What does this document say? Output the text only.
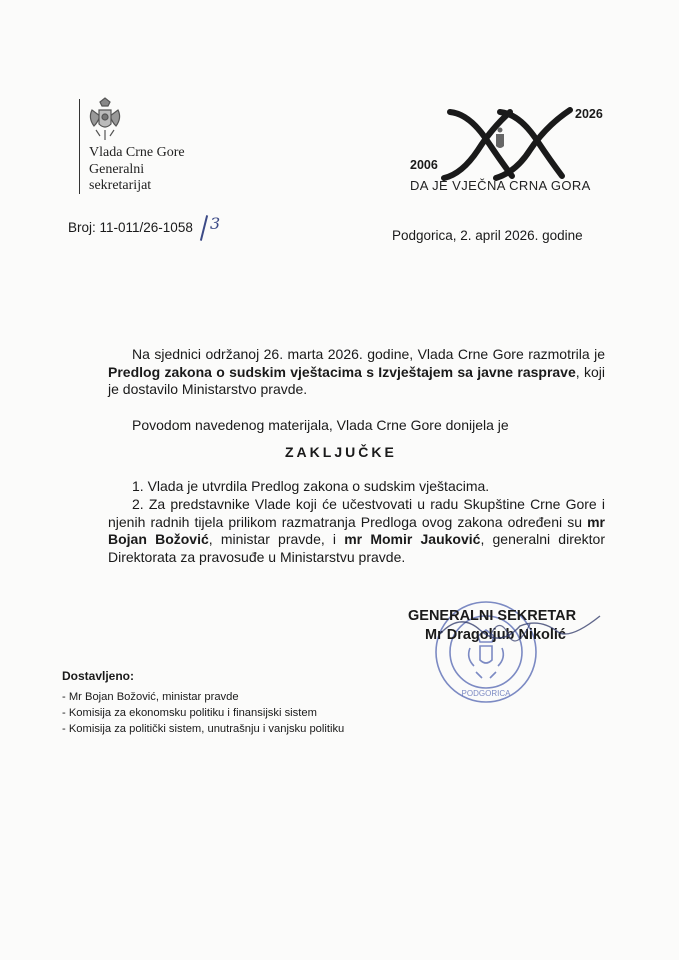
Vlada Crne Gore
Generalni
sekretarijat
2026
2006
DA JE VJEČNA CRNA GORA
Broj: 11-011/26-1058 3
Podgorica, 2. april 2026. godine
Na sjednici održanoj 26. marta 2026. godine, Vlada Crne Gore razmotrila je Predlog zakona o sudskim vještacima s Izvještajem sa javne rasprave, koji je dostavilo Ministarstvo pravde.
Povodom navedenog materijala, Vlada Crne Gore donijela je
ZAKLJUČKE
1. Vlada je utvrdila Predlog zakona o sudskim vještacima.
2. Za predstavnike Vlade koji će učestvovati u radu Skupštine Crne Gore i njenih radnih tijela prilikom razmatranja Predloga ovog zakona određeni su mr Bojan Božović, ministar pravde, i mr Momir Jauković, generalni direktor Direktorata za pravosuđe u Ministarstvu pravde.
PODGORICA
GENERALNI SEKRETAR
Mr Dragoljub Nikolić
Dostavljeno:
- Mr Bojan Božović, ministar pravde
- Komisija za ekonomsku politiku i finansijski sistem
- Komisija za politički sistem, unutrašnju i vanjsku politiku
